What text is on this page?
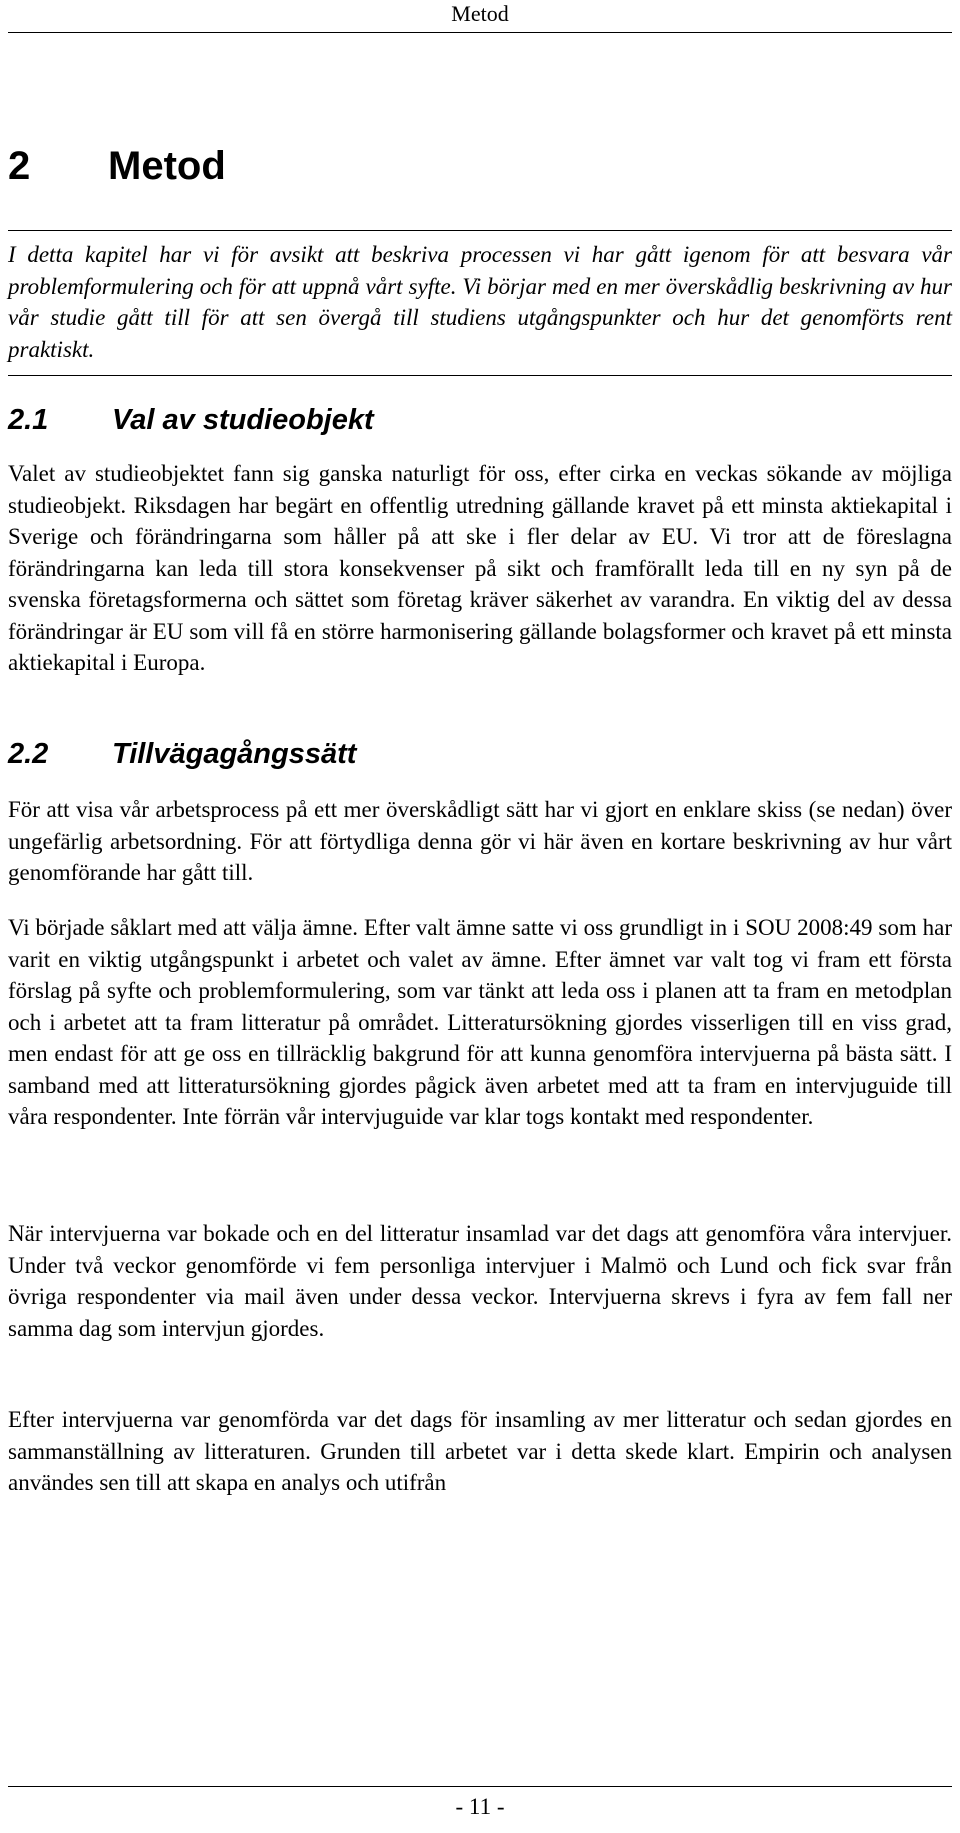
Metod
2 Metod

I detta kapitel har vi för avsikt att beskriva processen vi har gått igenom för att besvara vår problemformulering och för att uppnå vårt syfte. Vi börjar med en mer överskådlig beskrivning av hur vår studie gått till för att sen övergå till studiens utgångspunkter och hur det genomförts rent praktiskt.

2.1 Val av studieobjekt

Valet av studieobjektet fann sig ganska naturligt för oss, efter cirka en veckas sökande av möjliga studieobjekt. Riksdagen har begärt en offentlig utredning gällande kravet på ett minsta aktiekapital i Sverige och förändringarna som håller på att ske i fler delar av EU. Vi tror att de föreslagna förändringarna kan leda till stora konsekvenser på sikt och framförallt leda till en ny syn på de svenska företagsformerna och sättet som företag kräver säkerhet av varandra. En viktig del av dessa förändringar är EU som vill få en större harmonisering gällande bolagsformer och kravet på ett minsta aktiekapital i Europa.

2.2 Tillvägagångssätt

För att visa vår arbetsprocess på ett mer överskådligt sätt har vi gjort en enklare skiss (se nedan) över ungefärlig arbetsordning. För att förtydliga denna gör vi här även en kortare beskrivning av hur vårt genomförande har gått till.

Vi började såklart med att välja ämne. Efter valt ämne satte vi oss grundligt in i SOU 2008:49 som har varit en viktig utgångspunkt i arbetet och valet av ämne. Efter ämnet var valt tog vi fram ett första förslag på syfte och problemformulering, som var tänkt att leda oss i planen att ta fram en metodplan och i arbetet att ta fram litteratur på området. Litteratursökning gjordes visserligen till en viss grad, men endast för att ge oss en tillräcklig bakgrund för att kunna genomföra intervjuerna på bästa sätt. I samband med att litteratursökning gjordes pågick även arbetet med att ta fram en intervjuguide till våra respondenter. Inte förrän vår intervjuguide var klar togs kontakt med respondenter.

När intervjuerna var bokade och en del litteratur insamlad var det dags att genomföra våra intervjuer. Under två veckor genomförde vi fem personliga intervjuer i Malmö och Lund och fick svar från övriga respondenter via mail även under dessa veckor. Intervjuerna skrevs i fyra av fem fall ner samma dag som intervjun gjordes.

Efter intervjuerna var genomförda var det dags för insamling av mer litteratur och sedan gjordes en sammanställning av litteraturen. Grunden till arbetet var i detta skede klart. Empirin och analysen användes sen till att skapa en analys och utifrån

- 11 -
